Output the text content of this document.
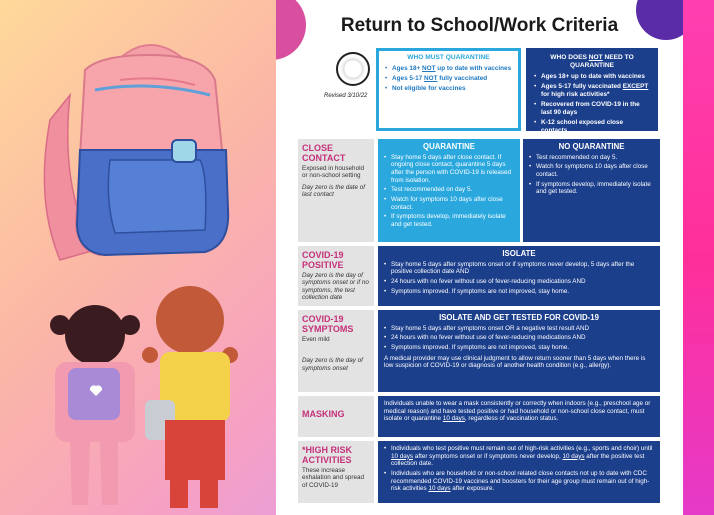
Return to School/Work Criteria
Revised 3/10/22
WHO MUST QUARANTINE
• Ages 18+ NOT up to date with vaccines
• Ages 5-17 NOT fully vaccinated
• Not eligible for vaccines
WHO DOES NOT NEED TO QUARANTINE
• Ages 18+ up to date with vaccines
• Ages 5-17 fully vaccinated EXCEPT for high risk activities*
• Recovered from COVID-19 in the last 90 days
• K-12 school exposed close contacts
CLOSE CONTACT
Exposed in household or non-school setting
Day zero is the date of last contact
QUARANTINE
• Stay home 5 days after close contact. If ongoing close contact, quarantine 5 days after the person with COVID-19 is released from isolation.
• Test recommended on day 5.
• Watch for symptoms 10 days after close contact.
• If symptoms develop, immediately isolate and get tested.
NO QUARANTINE
• Test recommended on day 5.
• Watch for symptoms 10 days after close contact.
• If symptoms develop, immediately isolate and get tested.
COVID-19 POSITIVE
Day zero is the day of symptoms onset or if no symptoms, the test collection date
ISOLATE
• Stay home 5 days after symptoms onset or if symptoms never develop, 5 days after the positive collection date AND
• 24 hours with no fever without use of fever-reducing medications AND
• Symptoms improved. If symptoms are not improved, stay home.
COVID-19 SYMPTOMS
Even mild
Day zero is the day of symptoms onset
ISOLATE AND GET TESTED FOR COVID-19
• Stay home 5 days after symptoms onset OR a negative test result AND
• 24 hours with no fever without use of fever-reducing medications AND
• Symptoms improved. If symptoms are not improved, stay home.
A medical provider may use clinical judgment to allow return sooner than 5 days when there is low suspicion of COVID-19 or diagnosis of another health condition (e.g., allergy).
MASKING
Individuals unable to wear a mask consistently or correctly when indoors (e.g., preschool age or medical reason) and have tested positive or had household or non-school close contact, must isolate or quarantine 10 days, regardless of vaccination status.
*HIGH RISK ACTIVITIES
These increase exhalation and spread of COVID-19
• Individuals who test positive must remain out of high-risk activities (e.g., sports and choir) until 10 days after symptoms onset or if symptoms never develop, 10 days after the positive test collection date.
• Individuals who are household or non-school related close contacts not up to date with CDC recommended COVID-19 vaccines and boosters for their age group must remain out of high-risk activities 10 days after exposure.
